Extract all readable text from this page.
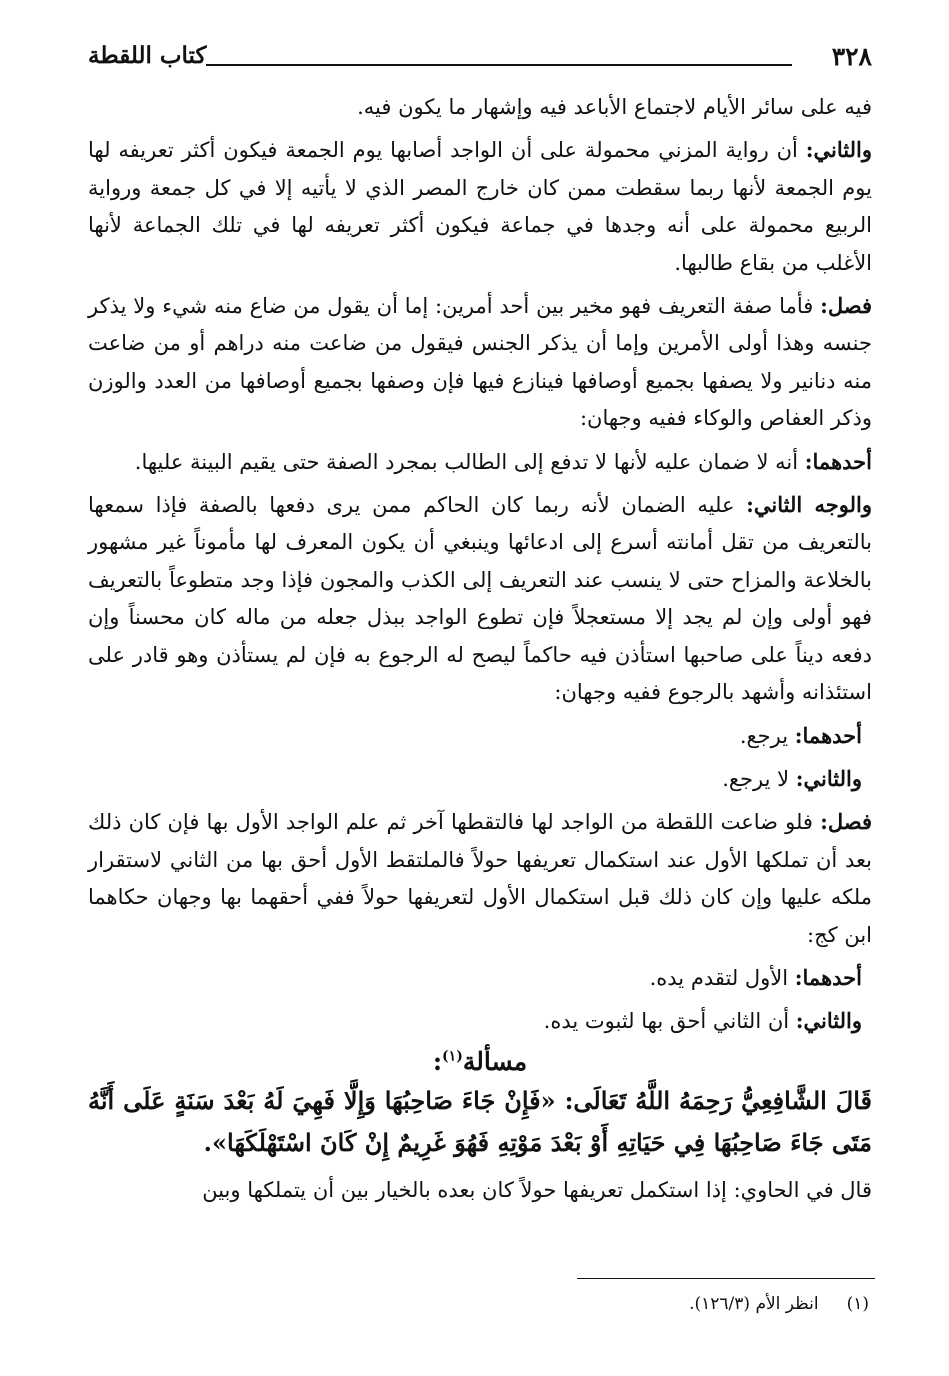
٣٢٨
كتاب اللقطة

فيه على سائر الأيام لاجتماع الأباعد فيه وإشهار ما يكون فيه.

والثاني: أن رواية المزني محمولة على أن الواجد أصابها يوم الجمعة فيكون أكثر تعريفه لها يوم الجمعة لأنها ربما سقطت ممن كان خارج المصر الذي لا يأتيه إلا في كل جمعة ورواية الربيع محمولة على أنه وجدها في جماعة فيكون أكثر تعريفه لها في تلك الجماعة لأنها الأغلب من بقاع طالبها.

فصل: فأما صفة التعريف فهو مخير بين أحد أمرين: إما أن يقول من ضاع منه شيء ولا يذكر جنسه وهذا أولى الأمرين وإما أن يذكر الجنس فيقول من ضاعت منه دراهم أو من ضاعت منه دنانير ولا يصفها بجميع أوصافها فينازع فيها فإن وصفها بجميع أوصافها من العدد والوزن وذكر العفاص والوكاء ففيه وجهان:

أحدهما: أنه لا ضمان عليه لأنها لا تدفع إلى الطالب بمجرد الصفة حتى يقيم البينة عليها.

والوجه الثاني: عليه الضمان لأنه ربما كان الحاكم ممن يرى دفعها بالصفة فإذا سمعها بالتعريف من تقل أمانته أسرع إلى ادعائها وينبغي أن يكون المعرف لها مأموناً غير مشهور بالخلاعة والمزاح حتى لا ينسب عند التعريف إلى الكذب والمجون فإذا وجد متطوعاً بالتعريف فهو أولى وإن لم يجد إلا مستعجلاً فإن تطوع الواجد ببذل جعله من ماله كان محسناً وإن دفعه ديناً على صاحبها استأذن فيه حاكماً ليصح له الرجوع به فإن لم يستأذن وهو قادر على استئذانه وأشهد بالرجوع ففيه وجهان:

أحدهما: يرجع.

والثاني: لا يرجع.

فصل: فلو ضاعت اللقطة من الواجد لها فالتقطها آخر ثم علم الواجد الأول بها فإن كان ذلك بعد أن تملكها الأول عند استكمال تعريفها حولاً فالملتقط الأول أحق بها من الثاني لاستقرار ملكه عليها وإن كان ذلك قبل استكمال الأول لتعريفها حولاً ففي أحقهما بها وجهان حكاهما ابن كج:

أحدهما: الأول لتقدم يده.

والثاني: أن الثاني أحق بها لثبوت يده.

مسألة$^{(١)}$:

قَالَ الشَّافِعِيُّ رَحِمَهُ اللَّهُ تَعَالَى: «فَإِنْ جَاءَ صَاحِبُهَا وَإِلَّا فَهِيَ لَهُ بَعْدَ سَنَةٍ عَلَى أَنَّهُ مَتَى جَاءَ صَاحِبُهَا فِي حَيَاتِهِ أَوْ بَعْدَ مَوْتِهِ فَهُوَ غَرِيمٌ إِنْ كَانَ اسْتَهْلَكَهَا».

قال في الحاوي: إذا استكمل تعريفها حولاً كان بعده بالخيار بين أن يتملكها وبين

(١)انظر الأم (١٢٦/٣).
